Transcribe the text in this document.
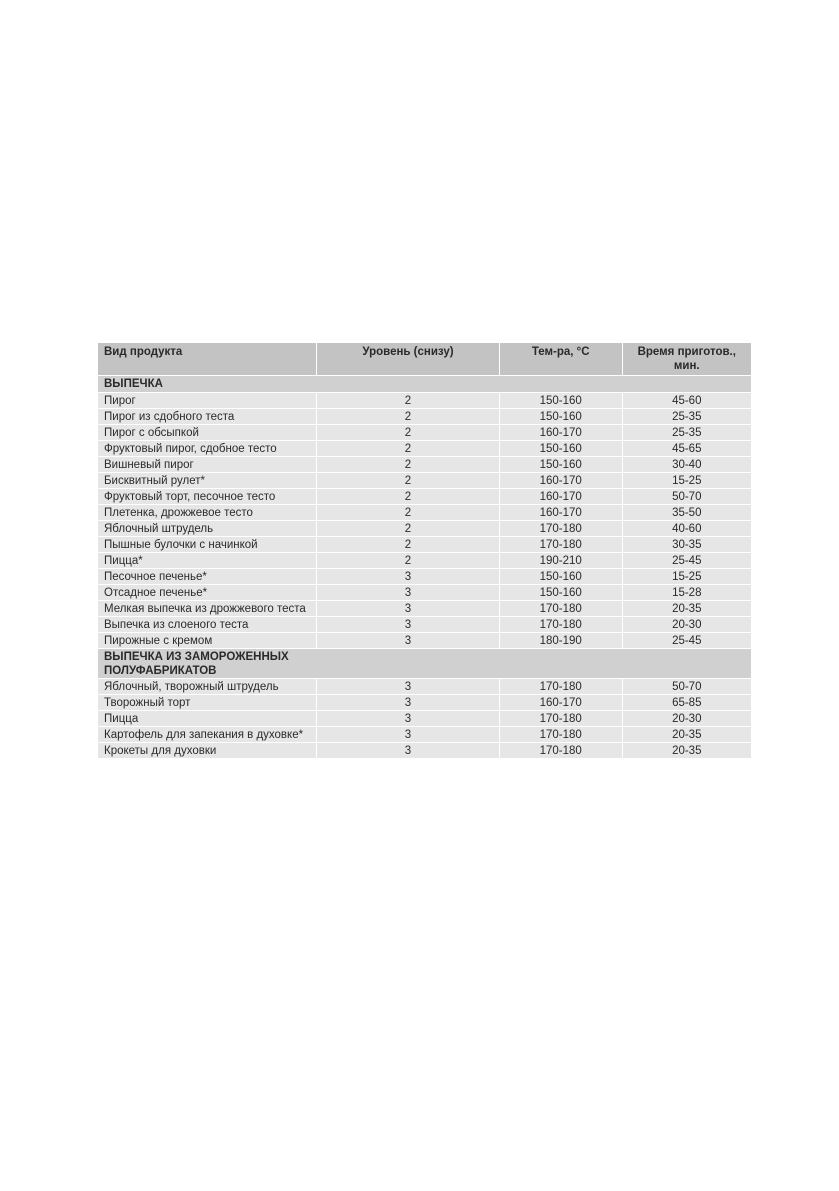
Вид продукта	Уровень (снизу)	Тем-ра, °С	Время приготов., мин.
ВЫПЕЧКА			
Пирог	2	150-160	45-60
Пирог из сдобного теста	2	150-160	25-35
Пирог с обсыпкой	2	160-170	25-35
Фруктовый пирог, сдобное тесто	2	150-160	45-65
Вишневый пирог	2	150-160	30-40
Бисквитный рулет*	2	160-170	15-25
Фруктовый торт, песочное тесто	2	160-170	50-70
Плетенка, дрожжевое тесто	2	160-170	35-50
Яблочный штрудель	2	170-180	40-60
Пышные булочки с начинкой	2	170-180	30-35
Пицца*	2	190-210	25-45
Песочное печенье*	3	150-160	15-25
Отсадное печенье*	3	150-160	15-28
Мелкая выпечка из дрожжевого теста	3	170-180	20-35
Выпечка из слоеного теста	3	170-180	20-30
Пирожные с кремом	3	180-190	25-45
ВЫПЕЧКА ИЗ ЗАМОРОЖЕННЫХ ПОЛУФАБРИКАТОВ			
Яблочный, творожный штрудель	3	170-180	50-70
Творожный торт	3	160-170	65-85
Пицца	3	170-180	20-30
Картофель для запекания в духовке*	3	170-180	20-35
Крокеты для духовки	3	170-180	20-35
